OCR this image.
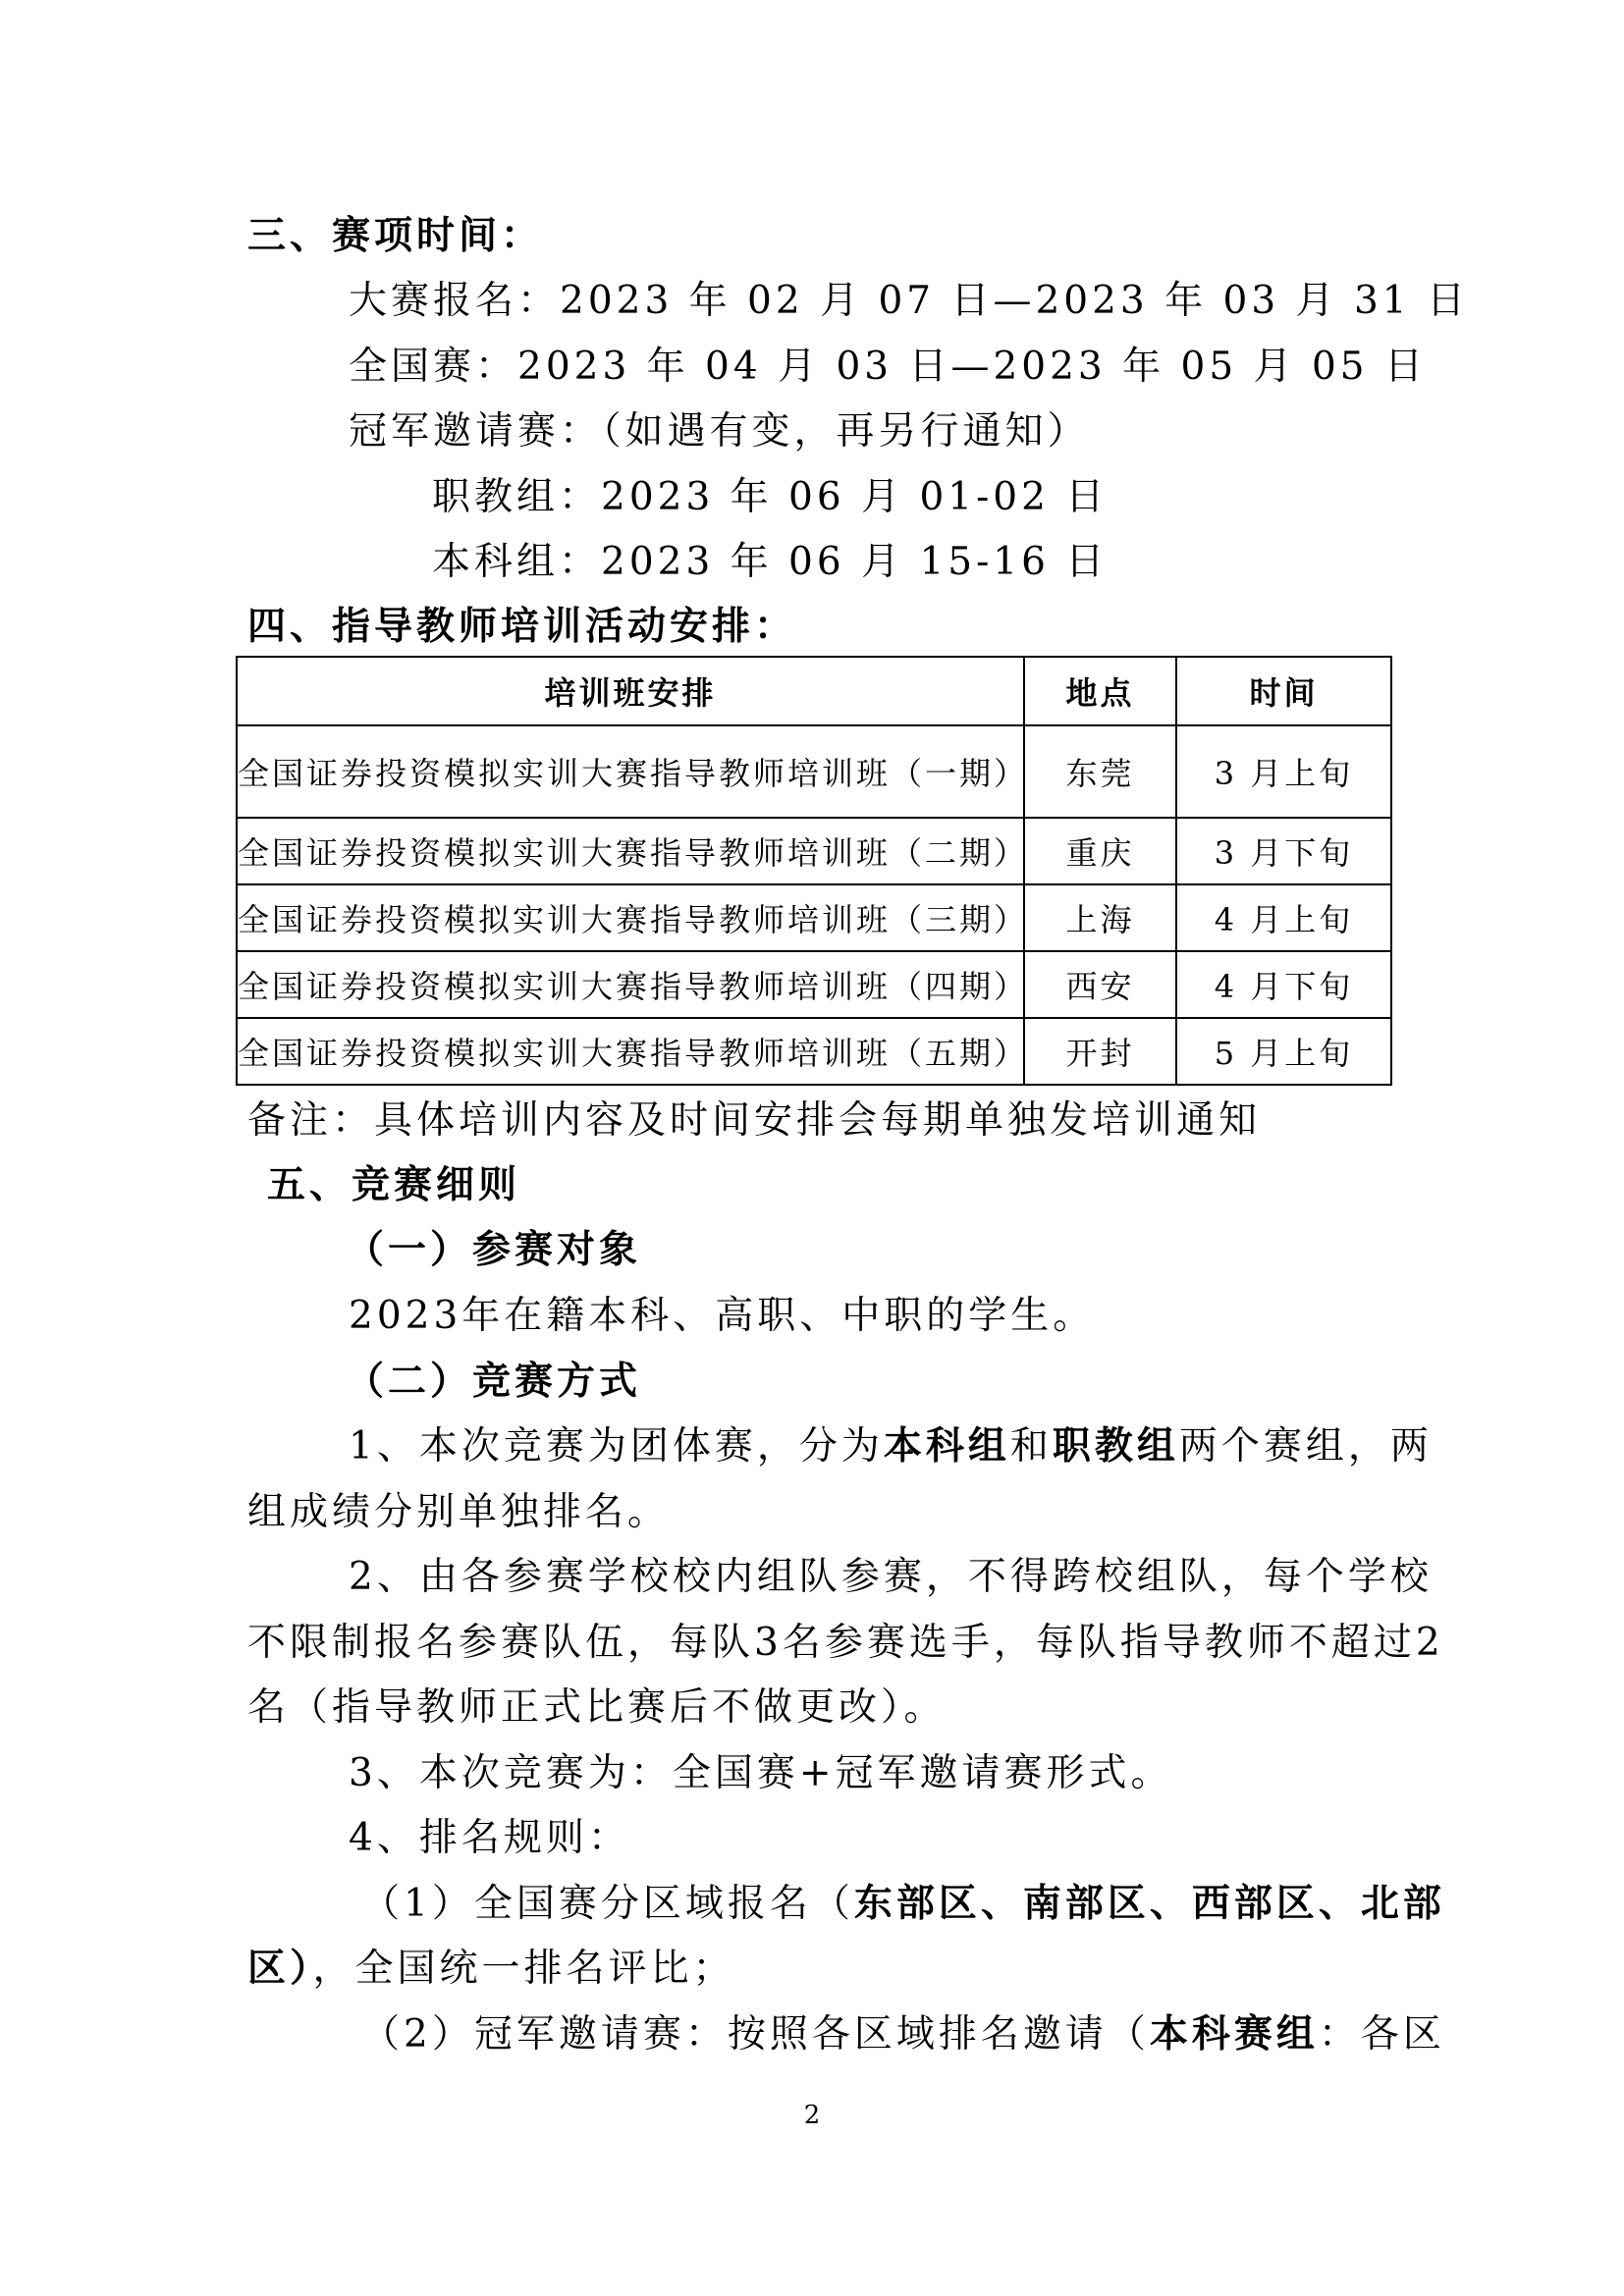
三、赛项时间：
大赛报名：2023 年 02 月 07 日—2023 年 03 月 31 日
全国赛：2023 年 04 月 03 日—2023 年 05 月 05 日
冠军邀请赛：（如遇有变，再另行通知）
职教组：2023 年 06 月 01-02 日
本科组：2023 年 06 月 15-16 日
四、指导教师培训活动安排：
培训班安排	地点	时间
全国证券投资模拟实训大赛指导教师培训班（一期）	东莞	3 月上旬
全国证券投资模拟实训大赛指导教师培训班（二期）	重庆	3 月下旬
全国证券投资模拟实训大赛指导教师培训班（三期）	上海	4 月上旬
全国证券投资模拟实训大赛指导教师培训班（四期）	西安	4 月下旬
全国证券投资模拟实训大赛指导教师培训班（五期）	开封	5 月上旬
备注：具体培训内容及时间安排会每期单独发培训通知
五、竞赛细则
（一）参赛对象
2023年在籍本科、高职、中职的学生。
（二）竞赛方式
1、本次竞赛为团体赛，分为本科组和职教组两个赛组，两
组成绩分别单独排名。
2、由各参赛学校校内组队参赛，不得跨校组队，每个学校
不限制报名参赛队伍，每队3名参赛选手，每队指导教师不超过2
名（指导教师正式比赛后不做更改）。
3、本次竞赛为：全国赛+冠军邀请赛形式。
4、排名规则：
（1）全国赛分区域报名（东部区、南部区、西部区、北部
区），全国统一排名评比；
（2）冠军邀请赛：按照各区域排名邀请（本科赛组：各区
2
